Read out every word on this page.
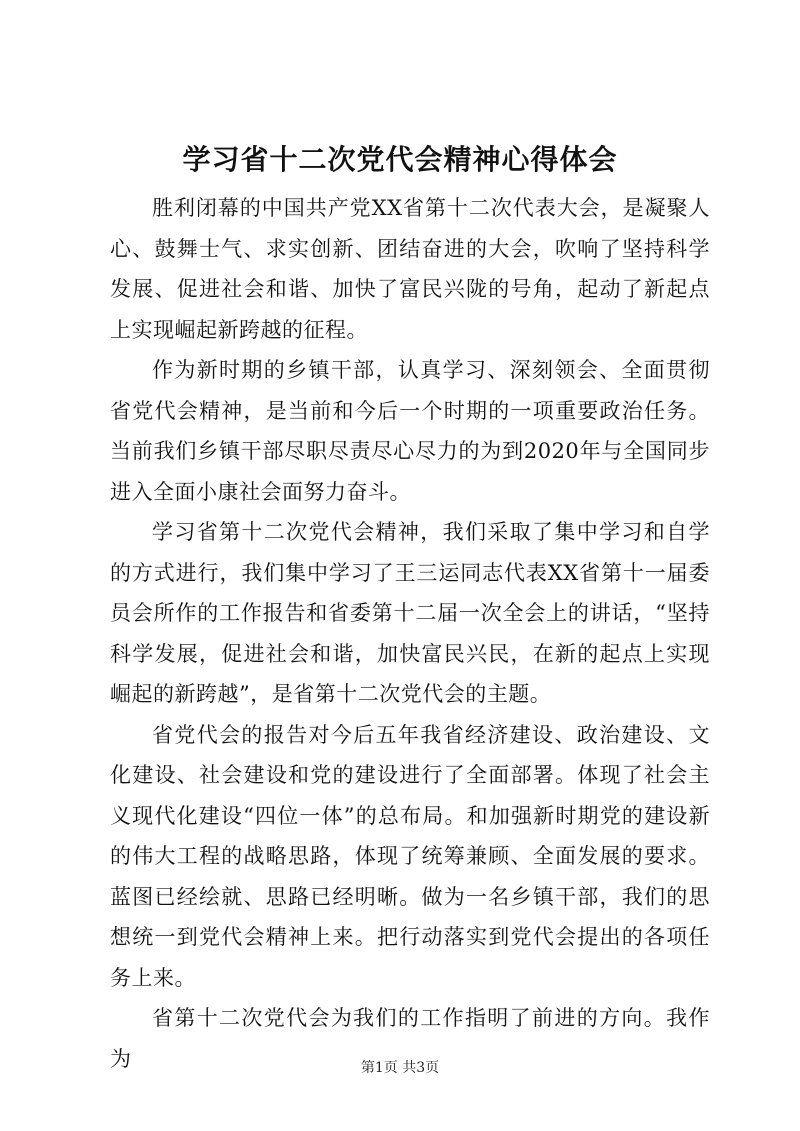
学习省十二次党代会精神心得体会

胜利闭幕的中国共产党XX省第十二次代表大会，是凝聚人心、鼓舞士气、求实创新、团结奋进的大会，吹响了坚持科学发展、促进社会和谐、加快了富民兴陇的号角，起动了新起点上实现崛起新跨越的征程。

作为新时期的乡镇干部，认真学习、深刻领会、全面贯彻省党代会精神，是当前和今后一个时期的一项重要政治任务。当前我们乡镇干部尽职尽责尽心尽力的为到2020年与全国同步进入全面小康社会面努力奋斗。

学习省第十二次党代会精神，我们采取了集中学习和自学的方式进行，我们集中学习了王三运同志代表XX省第十一届委员会所作的工作报告和省委第十二届一次全会上的讲话，“坚持科学发展，促进社会和谐，加快富民兴民，在新的起点上实现崛起的新跨越”，是省第十二次党代会的主题。

省党代会的报告对今后五年我省经济建设、政治建设、文化建设、社会建设和党的建设进行了全面部署。体现了社会主义现代化建设“四位一体”的总布局。和加强新时期党的建设新的伟大工程的战略思路，体现了统筹兼顾、全面发展的要求。蓝图已经绘就、思路已经明晰。做为一名乡镇干部，我们的思想统一到党代会精神上来。把行动落实到党代会提出的各项任务上来。

省第十二次党代会为我们的工作指明了前进的方向。我作为	第1页 共3页
